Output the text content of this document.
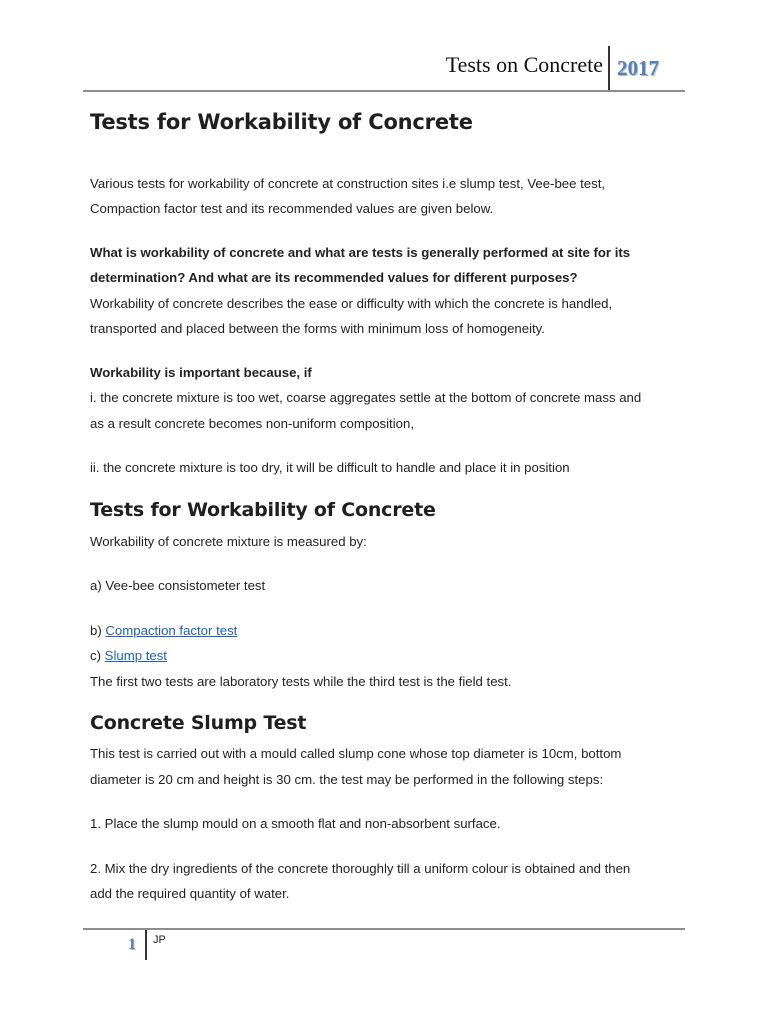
Tests on Concrete 2017
Tests for Workability of Concrete
Various tests for workability of concrete at construction sites i.e slump test, Vee-bee test,
Compaction factor test and its recommended values are given below.
What is workability of concrete and what are tests is generally performed at site for its
determination? And what are its recommended values for different purposes?
Workability of concrete describes the ease or difficulty with which the concrete is handled,
transported and placed between the forms with minimum loss of homogeneity.
Workability is important because, if
i. the concrete mixture is too wet, coarse aggregates settle at the bottom of concrete mass and
as a result concrete becomes non-uniform composition,
ii. the concrete mixture is too dry, it will be difficult to handle and place it in position
Tests for Workability of Concrete
Workability of concrete mixture is measured by:
a) Vee-bee consistometer test
b) Compaction factor test
c) Slump test
The first two tests are laboratory tests while the third test is the field test.
Concrete Slump Test
This test is carried out with a mould called slump cone whose top diameter is 10cm, bottom
diameter is 20 cm and height is 30 cm. the test may be performed in the following steps:
1. Place the slump mould on a smooth flat and non-absorbent surface.
2. Mix the dry ingredients of the concrete thoroughly till a uniform colour is obtained and then
add the required quantity of water.
1 JP
